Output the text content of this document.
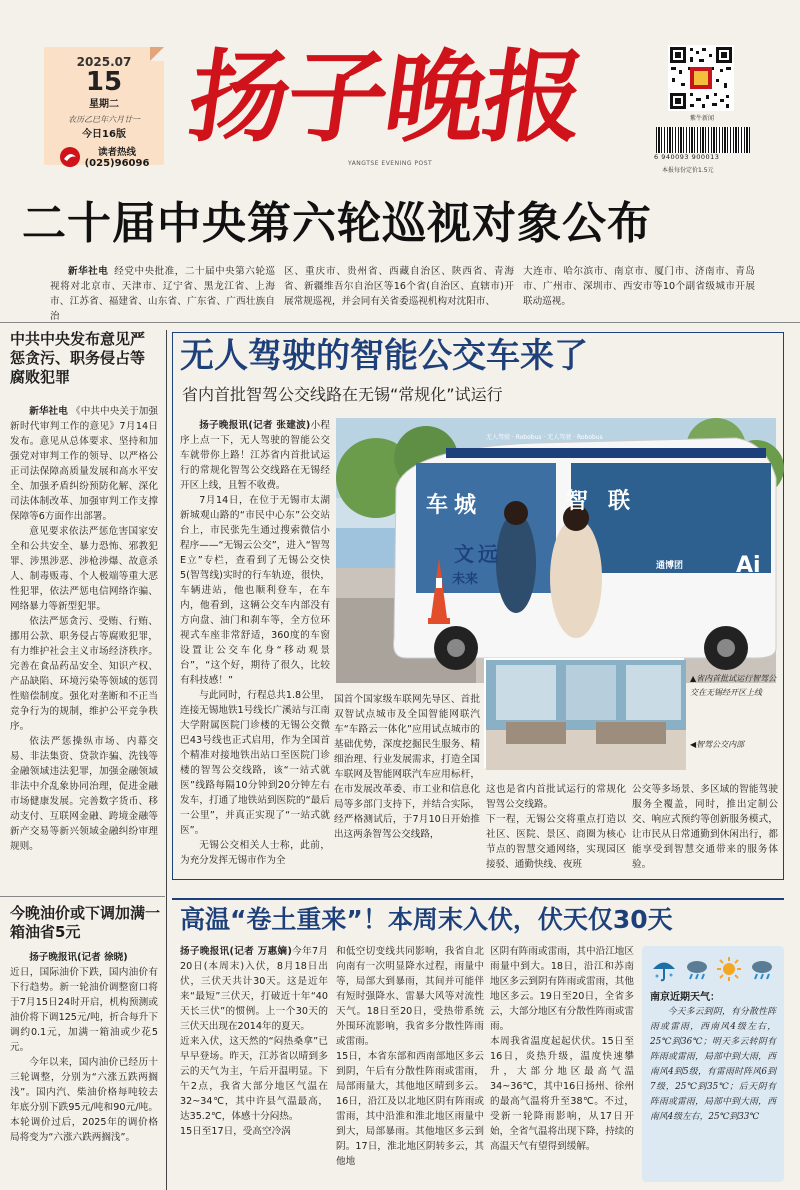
2025.07
15
星期二
农历乙巳年六月廿一
今日16版
读者热线
(025)96096
扬子晚报
YANGTSE EVENING POST
紫牛新闻
6 940093 900013
本报每份定价1.5元
二十届中央第六轮巡视对象公布
新华社电 经党中央批准，二十届中央第六轮巡视将对北京市、天津市、辽宁省、黑龙江省、上海市、江苏省、福建省、山东省、广东省、广西壮族自治
区、重庆市、贵州省、西藏自治区、陕西省、青海省、新疆维吾尔自治区等16个省(自治区、直辖市)开展常规巡视，并会同有关省委巡视机构对沈阳市、
大连市、哈尔滨市、南京市、厦门市、济南市、青岛市、广州市、深圳市、西安市等10个副省级城市开展联动巡视。
中共中央发布意见严惩贪污、职务侵占等腐败犯罪

新华社电 《中共中央关于加强新时代审判工作的意见》7月14日发布。意见从总体要求、坚持和加强党对审判工作的领导、以严格公正司法保障高质量发展和高水平安全、加强矛盾纠纷预防化解、深化司法体制改革、加强审判工作支撑保障等6方面作出部署。

意见要求依法严惩危害国家安全和公共安全、暴力恐怖、邪教犯罪、涉黑涉恶、涉枪涉爆、故意杀人、制毒贩毒、个人极端等重大恶性犯罪，依法严惩电信网络诈骗、网络暴力等新型犯罪。

依法严惩贪污、受贿、行贿、挪用公款、职务侵占等腐败犯罪，有力维护社会主义市场经济秩序。完善在食品药品安全、知识产权、产品缺陷、环境污染等领域的惩罚性赔偿制度。强化对垄断和不正当竞争行为的规制，维护公平竞争秩序。

依法严惩操纵市场、内幕交易、非法集资、贷款诈骗、洗钱等金融领域违法犯罪，加强金融领域非法中介乱象协同治理，促进金融市场健康发展。完善数字货币、移动支付、互联网金融、跨境金融等新产交易等新兴领域金融纠纷审理规则。

今晚油价或下调加满一箱油省5元

扬子晚报讯(记者 徐晓)

近日，国际油价下跌，国内油价有下行趋势。新一轮油价调整窗口将于7月15日24时开启，机构预测或油价将下调125元/吨，折合每升下调约0.1元，加满一箱油或少花5元。

今年以来，国内油价已经历十三轮调整，分别为“六涨五跌两搁浅”。国内汽、柴油价格每吨较去年底分别下跌95元/吨和90元/吨。本轮调价过后，2025年的调价格局将变为“六涨六跌两搁浅”。

无人驾驶的智能公交车来了
省内首批智驾公交线路在无锡“常规化”试运行

扬子晚报讯(记者 张建波)小程序上点一下，无人驾驶的智能公交车就带你上路！江苏省内首批试运行的常规化智驾公交线路在无锡经开区上线，且暂不收费。

7月14日，在位于无锡市太湖新城观山路的“市民中心东”公交站台上，市民张先生通过搜索微信小程序——“无锡云公交”，进入“智驾E立”专栏，查看到了无锡公交快5(智驾线)实时的行车轨迹，很快，车辆进站，他也顺利登车，在车内，他看到，这辆公交车内部没有方向盘、油门和刹车等，全方位环视式车座非常舒适，360度的车窗设置让公交车化身“移动观景台”，“这个好，期待了很久，比较有科技感！”

与此同时，行程总共1.8公里，连接无锡地铁1号线长广溪站与江南大学附属医院门诊楼的无锡公交微巴43号线也正式启用，作为全国首个精准对接地铁出站口至医院门诊楼的智驾公交线路，该“一站式就医”线路每隔10分钟到20分钟左右发车，打通了地铁站到医院的“最后一公里”，并真正实现了“一站式就医”。

无锡公交相关人士称，此前，为充分发挥无锡市作为全

无人驾驶 · Robobus · 无人驾驶 · Robobus
车 城	智 联
文 远
未来
通博团 Ai
▲省内首批试运行智驾公交在无锡经开区上线
◀智驾公交内部
国首个国家级车联网先导区、首批双智试点城市及全国智能网联汽车“车路云一体化”应用试点城市的基础优势，深度挖掘民生服务、精细治理、行业发展需求，打造全国车联网及智能网联汽车应用标杆，在市发展改革委、市工业和信息化局等多部门支持下，并结合实际，经严格测试后，于7月10日开始推出这两条智驾公交线路，
这也是省内首批试运行的常规化智驾公交线路。
下一程，无锡公交将重点打造以社区、医院、景区、商圈为核心节点的智慧交通网络，实现园区接驳、通勤快线、夜班
公交等多场景、多区域的智能驾驶服务全覆盖，同时，推出定制公交、响应式预约等创新服务模式，让市民从日常通勤到休闲出行，都能享受到智慧交通带来的服务体验。
高温“卷土重来”！本周末入伏，伏天仅30天
扬子晚报讯(记者 万惠嫡)今年7月20日(本周末)入伏，8月18日出伏，三伏天共计30天。这是近年来“最短”三伏天，打破近十年“40天长三伏”的惯例。上一个30天的三伏天出现在2014年的夏天。
近来入伏，这天然的“闷热桑拿”已早早登场。昨天，江苏省以晴到多云的天气为主，午后开温明显。下午2点，我省大部分地区气温在32~34℃，其中许县气温最高，达35.2℃，体感十分闷热。
15日至17日，受高空冷涡
和低空切变线共同影响，我省自北向南有一次明显降水过程，雨量中等，局部大到暴雨，其间并可能伴有短时强降水、雷暴大风等对流性天气。18日至20日，受热带系统外围环流影响，我省多分散性阵雨或雷雨。
15日，本省东部和西南部地区多云到阴，午后有分散性阵雨或雷雨，局部雨量大，其他地区晴到多云。16日，沿江及以北地区阴有阵雨或雷雨，其中沿淮和淮北地区雨量中到大，局部暴雨。其他地区多云到阴。17日，淮北地区阴转多云，其他地
区阴有阵雨或雷雨，其中沿江地区雨量中到大。18日，沿江和苏南地区多云到阴有阵雨或雷雨，其他地区多云。19日至20日，全省多云，大部分地区有分散性阵雨或雷雨。
本周我省温度起起伏伏。15日至16日，炎热升级，温度快速攀升，大部分地区最高气温34~36℃，其中16日扬州、徐州的最高气温将升至38℃。不过，受新一轮降雨影响，从17日开始，全省气温将出现下降，持续的高温天气有望得到缓解。
南京近期天气：
今天多云到阴，有分散性阵雨或雷雨，西南风4级左右，25℃到36℃；明天多云转阴有阵雨或雷雨，局部中到大雨，西南风4到5级，有雷雨时阵风6到7级，25℃到35℃；后天阴有阵雨或雷雨，局部中到大雨，西南风4级左右，25℃到33℃
